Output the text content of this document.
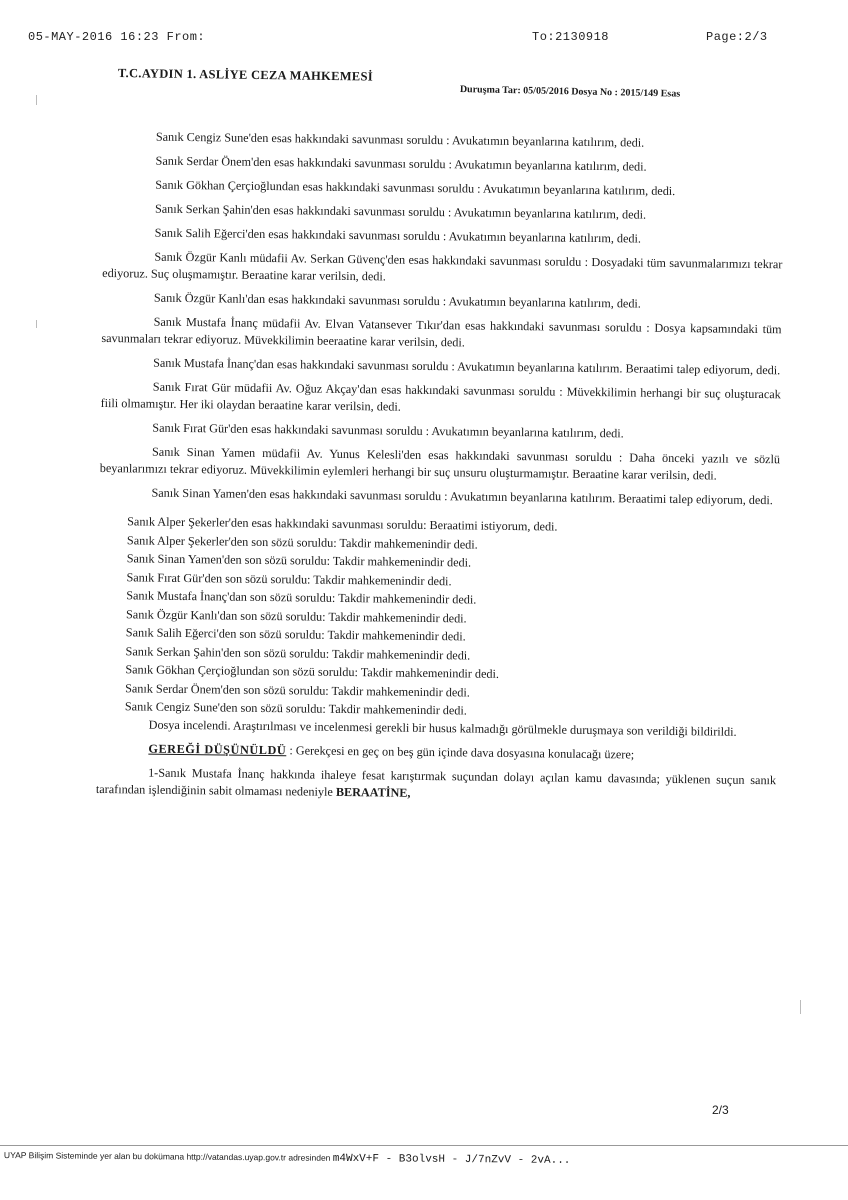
05-MAY-2016 16:23 From:	To:2130918	Page:2/3
T.C.AYDIN 1. ASLİYE CEZA MAHKEMESİ
Duruşma Tar: 05/05/2016 Dosya No : 2015/149 Esas

Sanık Cengiz Sune'den esas hakkındaki savunması soruldu : Avukatımın beyanlarına katılırım, dedi.

Sanık Serdar Önem'den esas hakkındaki savunması soruldu : Avukatımın beyanlarına katılırım, dedi.

Sanık Gökhan Çerçioğlundan esas hakkındaki savunması soruldu : Avukatımın beyanlarına katılırım, dedi.

Sanık Serkan Şahin'den esas hakkındaki savunması soruldu : Avukatımın beyanlarına katılırım, dedi.

Sanık Salih Eğerci'den esas hakkındaki savunması soruldu : Avukatımın beyanlarına katılırım, dedi.

Sanık Özgür Kanlı müdafii Av. Serkan Güvenç'den esas hakkındaki savunması soruldu : Dosyadaki tüm savunmalarımızı tekrar ediyoruz. Suç oluşmamıştır. Beraatine karar verilsin, dedi.

Sanık Özgür Kanlı'dan esas hakkındaki savunması soruldu : Avukatımın beyanlarına katılırım, dedi.

Sanık Mustafa İnanç müdafii Av. Elvan Vatansever Tıkır'dan esas hakkındaki savunması soruldu : Dosya kapsamındaki tüm savunmaları tekrar ediyoruz. Müvekkilimin beeraatine karar verilsin, dedi.

Sanık Mustafa İnanç'dan esas hakkındaki savunması soruldu : Avukatımın beyanlarına katılırım. Beraatimi talep ediyorum, dedi.

Sanık Fırat Gür müdafii Av. Oğuz Akçay'dan esas hakkındaki savunması soruldu : Müvekkilimin herhangi bir suç oluşturacak fiili olmamıştır. Her iki olaydan beraatine karar verilsin, dedi.

Sanık Fırat Gür'den esas hakkındaki savunması soruldu : Avukatımın beyanlarına katılırım, dedi.

Sanık Sinan Yamen müdafii Av. Yunus Kelesli'den esas hakkındaki savunması soruldu : Daha önceki yazılı ve sözlü beyanlarımızı tekrar ediyoruz. Müvekkilimin eylemleri herhangi bir suç unsuru oluşturmamıştır. Beraatine karar verilsin, dedi.

Sanık Sinan Yamen'den esas hakkındaki savunması soruldu : Avukatımın beyanlarına katılırım. Beraatimi talep ediyorum, dedi.

Sanık Alper Şekerler'den esas hakkındaki savunması soruldu: Beraatimi istiyorum, dedi.

Sanık Alper Şekerler'den son sözü soruldu: Takdir mahkemenindir dedi.

Sanık Sinan Yamen'den son sözü soruldu: Takdir mahkemenindir dedi.

Sanık Fırat Gür'den son sözü soruldu: Takdir mahkemenindir dedi.

Sanık Mustafa İnanç'dan son sözü soruldu: Takdir mahkemenindir dedi.

Sanık Özgür Kanlı'dan son sözü soruldu: Takdir mahkemenindir dedi.

Sanık Salih Eğerci'den son sözü soruldu: Takdir mahkemenindir dedi.

Sanık Serkan Şahin'den son sözü soruldu: Takdir mahkemenindir dedi.

Sanık Gökhan Çerçioğlundan son sözü soruldu: Takdir mahkemenindir dedi.

Sanık Serdar Önem'den son sözü soruldu: Takdir mahkemenindir dedi.

Sanık Cengiz Sune'den son sözü soruldu: Takdir mahkemenindir dedi.

Dosya incelendi. Araştırılması ve incelenmesi gerekli bir husus kalmadığı görülmekle duruşmaya son verildiği bildirildi.

GEREĞİ DÜŞÜNÜLDÜ : Gerekçesi en geç on beş gün içinde dava dosyasına konulacağı üzere;

1-Sanık Mustafa İnanç hakkında ihaleye fesat karıştırmak suçundan dolayı açılan kamu davasında; yüklenen suçun sanık tarafından işlendiğinin sabit olmaması nedeniyle BERAATİNE,

2/3
UYAP Bilişim Sisteminde yer alan bu dokümana http://vatandas.uyap.gov.tr adresinden m4WxV+F - B3olvsH - J/7nZvV - 2vA...
